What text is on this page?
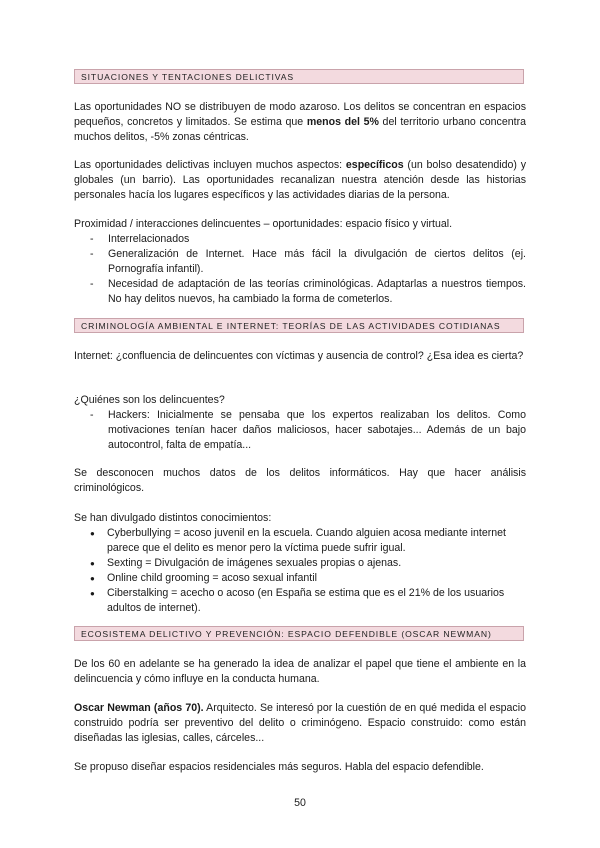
SITUACIONES Y TENTACIONES DELICTIVAS

Las oportunidades NO se distribuyen de modo azaroso. Los delitos se concentran en espacios pequeños, concretos y limitados. Se estima que menos del 5% del territorio urbano concentra muchos delitos, -5% zonas céntricas.

Las oportunidades delictivas incluyen muchos aspectos: específicos (un bolso desatendido) y globales (un barrio). Las oportunidades recanalizan nuestra atención desde las historias personales hacía los lugares específicos y las actividades diarias de la persona.

Proximidad / interacciones delincuentes – oportunidades: espacio físico y virtual.

- Interrelacionados
- Generalización de Internet. Hace más fácil la divulgación de ciertos delitos (ej. Pornografía infantil).
- Necesidad de adaptación de las teorías criminológicas. Adaptarlas a nuestros tiempos. No hay delitos nuevos, ha cambiado la forma de cometerlos.
CRIMINOLOGÍA AMBIENTAL E INTERNET: TEORÍAS DE LAS ACTIVIDADES COTIDIANAS

Internet: ¿confluencia de delincuentes con víctimas y ausencia de control? ¿Esa idea es cierta?

¿Quiénes son los delincuentes?

- Hackers: Inicialmente se pensaba que los expertos realizaban los delitos. Como motivaciones tenían hacer daños maliciosos, hacer sabotajes... Además de un bajo autocontrol, falta de empatía...

Se desconocen muchos datos de los delitos informáticos. Hay que hacer análisis criminológicos.

Se han divulgado distintos conocimientos:

● Cyberbullying = acoso juvenil en la escuela. Cuando alguien acosa mediante internet parece que el delito es menor pero la víctima puede sufrir igual.
● Sexting = Divulgación de imágenes sexuales propias o ajenas.
● Online child grooming = acoso sexual infantil
● Ciberstalking = acecho o acoso (en España se estima que es el 21% de los usuarios adultos de internet).
ECOSISTEMA DELICTIVO Y PREVENCIÓN: ESPACIO DEFENDIBLE (OSCAR NEWMAN)

De los 60 en adelante se ha generado la idea de analizar el papel que tiene el ambiente en la delincuencia y cómo influye en la conducta humana.

Oscar Newman (años 70). Arquitecto. Se interesó por la cuestión de en qué medida el espacio construido podría ser preventivo del delito o criminógeno. Espacio construido: como están diseñadas las iglesias, calles, cárceles...

Se propuso diseñar espacios residenciales más seguros. Habla del espacio defendible.

50
